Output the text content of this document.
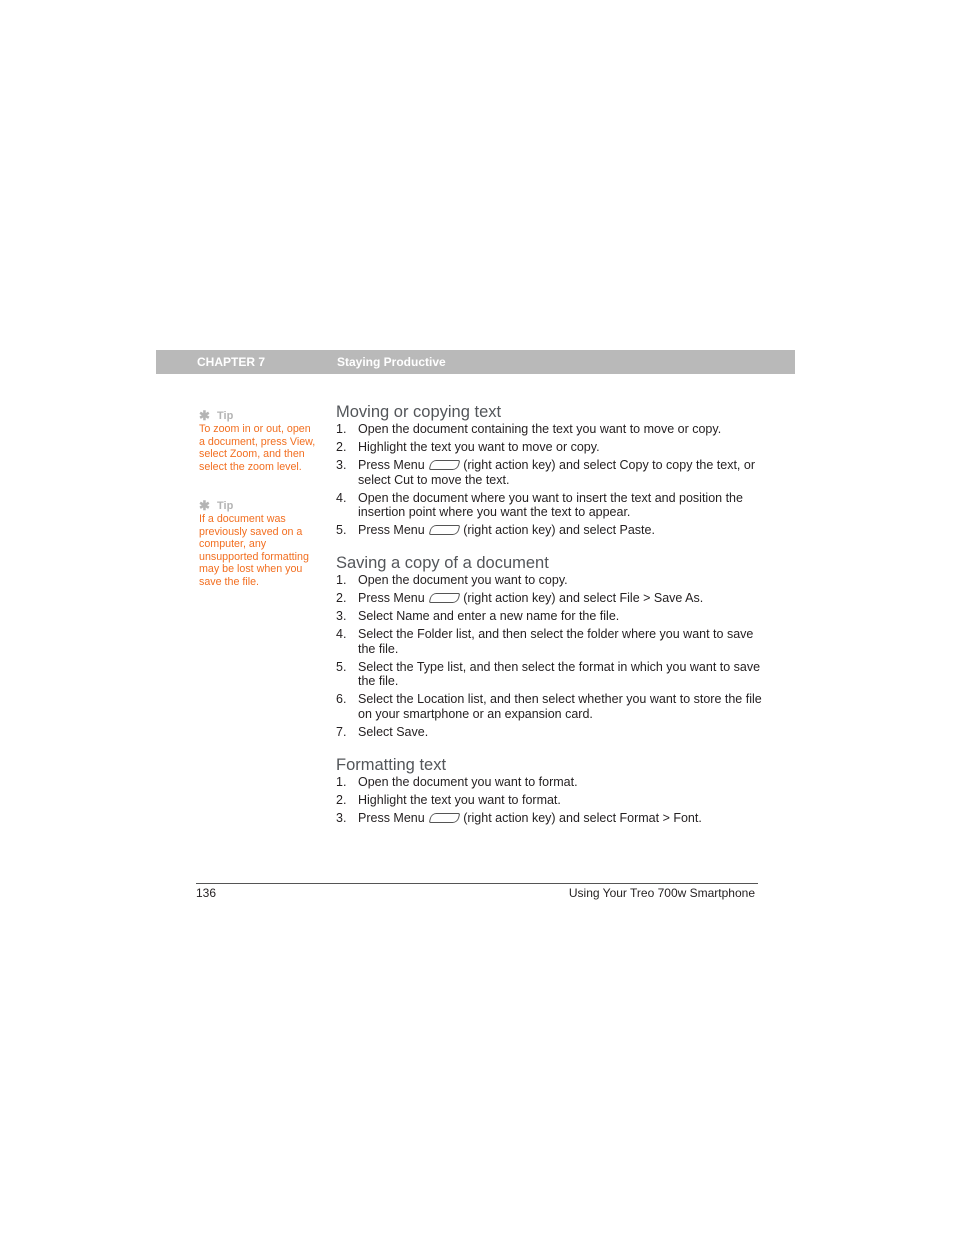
CHAPTER 7	Staying Productive
✱ Tip

To zoom in or out, open a document, press View, select Zoom, and then select the zoom level.

✱ Tip

If a document was previously saved on a computer, any unsupported formatting may be lost when you save the file.

Moving or copying text
1. Open the document containing the text you want to move or copy.
2. Highlight the text you want to move or copy.
3. Press Menu	(right action key) and select Copy to copy the text, or select Cut to move the text.
4. Open the document where you want to insert the text and position the insertion point where you want the text to appear.
5. Press Menu	(right action key) and select Paste.
Saving a copy of a document
1. Open the document you want to copy.
2. Press Menu	(right action key) and select File > Save As.
3. Select Name and enter a new name for the file.
4. Select the Folder list, and then select the folder where you want to save the file.
5. Select the Type list, and then select the format in which you want to save the file.
6. Select the Location list, and then select whether you want to store the file on your smartphone or an expansion card.
7. Select Save.
Formatting text
1. Open the document you want to format.
2. Highlight the text you want to format.
3. Press Menu	(right action key) and select Format > Font.
136	Using Your Treo 700w Smartphone
